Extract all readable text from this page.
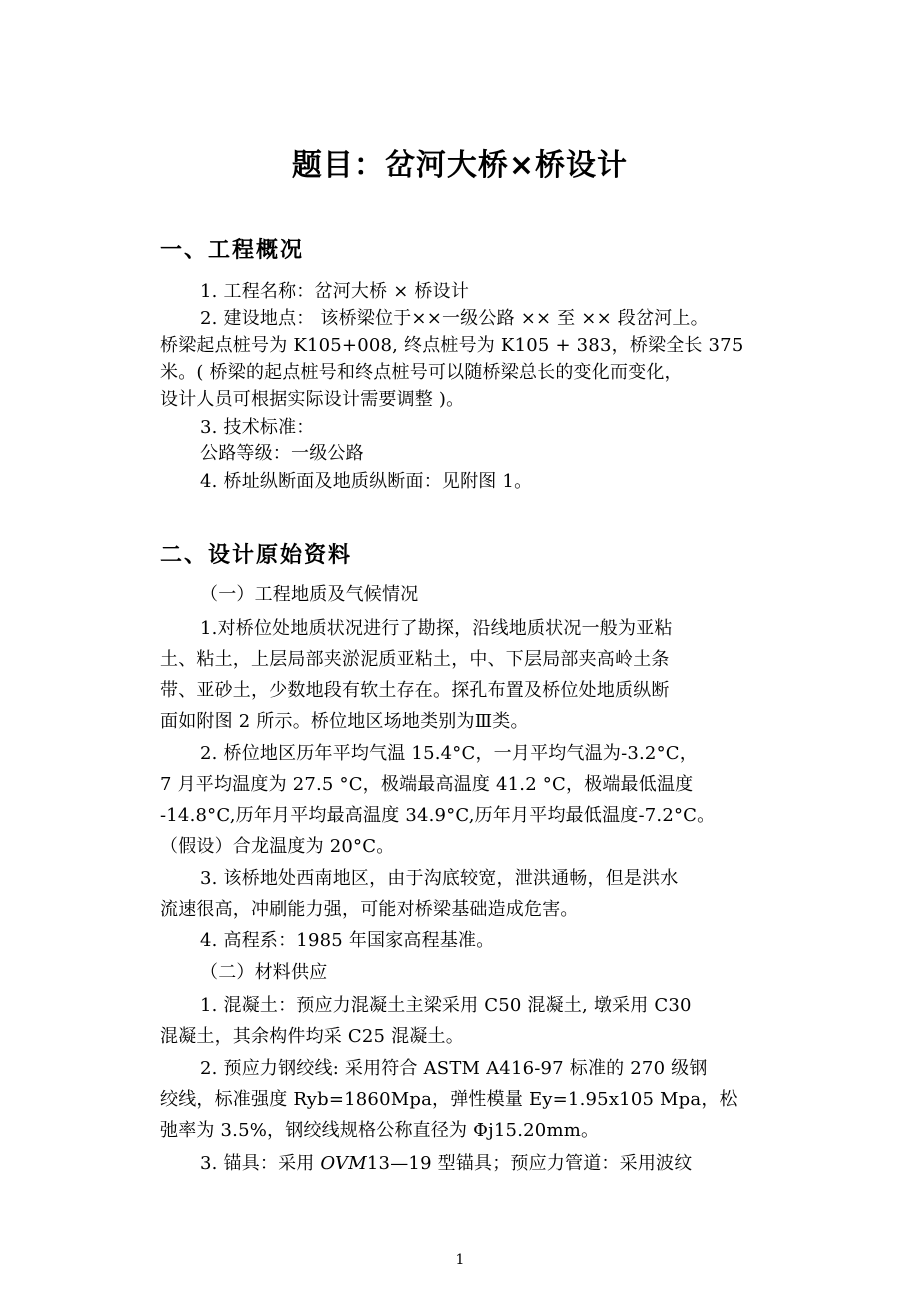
题目：岔河大桥×桥设计
一、工程概况

1. 工程名称：岔河大桥 × 桥设计

2. 建设地点： 该桥梁位于××一级公路 ×× 至 ×× 段岔河上。

桥梁起点桩号为 K105+008, 终点桩号为 K105 + 383，桥梁全长 375

米。( 桥梁的起点桩号和终点桩号可以随桥梁总长的变化而变化，

设计人员可根据实际设计需要调整 )。

3. 技术标准：

公路等级：一级公路

4. 桥址纵断面及地质纵断面：见附图 1。

二、设计原始资料

（一）工程地质及气候情况

1.对桥位处地质状况进行了勘探，沿线地质状况一般为亚粘

土、粘土，上层局部夹淤泥质亚粘土，中、下层局部夹高岭土条

带、亚砂土，少数地段有软土存在。探孔布置及桥位处地质纵断

面如附图 2 所示。桥位地区场地类别为Ⅲ类。

2. 桥位地区历年平均气温 15.4°C，一月平均气温为-3.2°C，

7 月平均温度为 27.5 °C，极端最高温度 41.2 °C，极端最低温度

-14.8°C,历年月平均最高温度 34.9°C,历年月平均最低温度-7.2°C。

（假设）合龙温度为 20°C。

3. 该桥地处西南地区，由于沟底较宽，泄洪通畅，但是洪水

流速很高，冲刷能力强，可能对桥梁基础造成危害。

4. 高程系：1985 年国家高程基准。

（二）材料供应

1. 混凝土：预应力混凝土主梁采用 C50 混凝土, 墩采用 C30

混凝土，其余构件均采 C25 混凝土。

2. 预应力钢绞线: 采用符合 ASTM A416-97 标准的 270 级钢

绞线，标准强度 Ryb=1860Mpa，弹性模量 Ey=1.95x105 Mpa，松

弛率为 3.5%，钢绞线规格公称直径为 Φj15.20mm。

3. 锚具：采用 OVM13—19 型锚具；预应力管道：采用波纹

1
